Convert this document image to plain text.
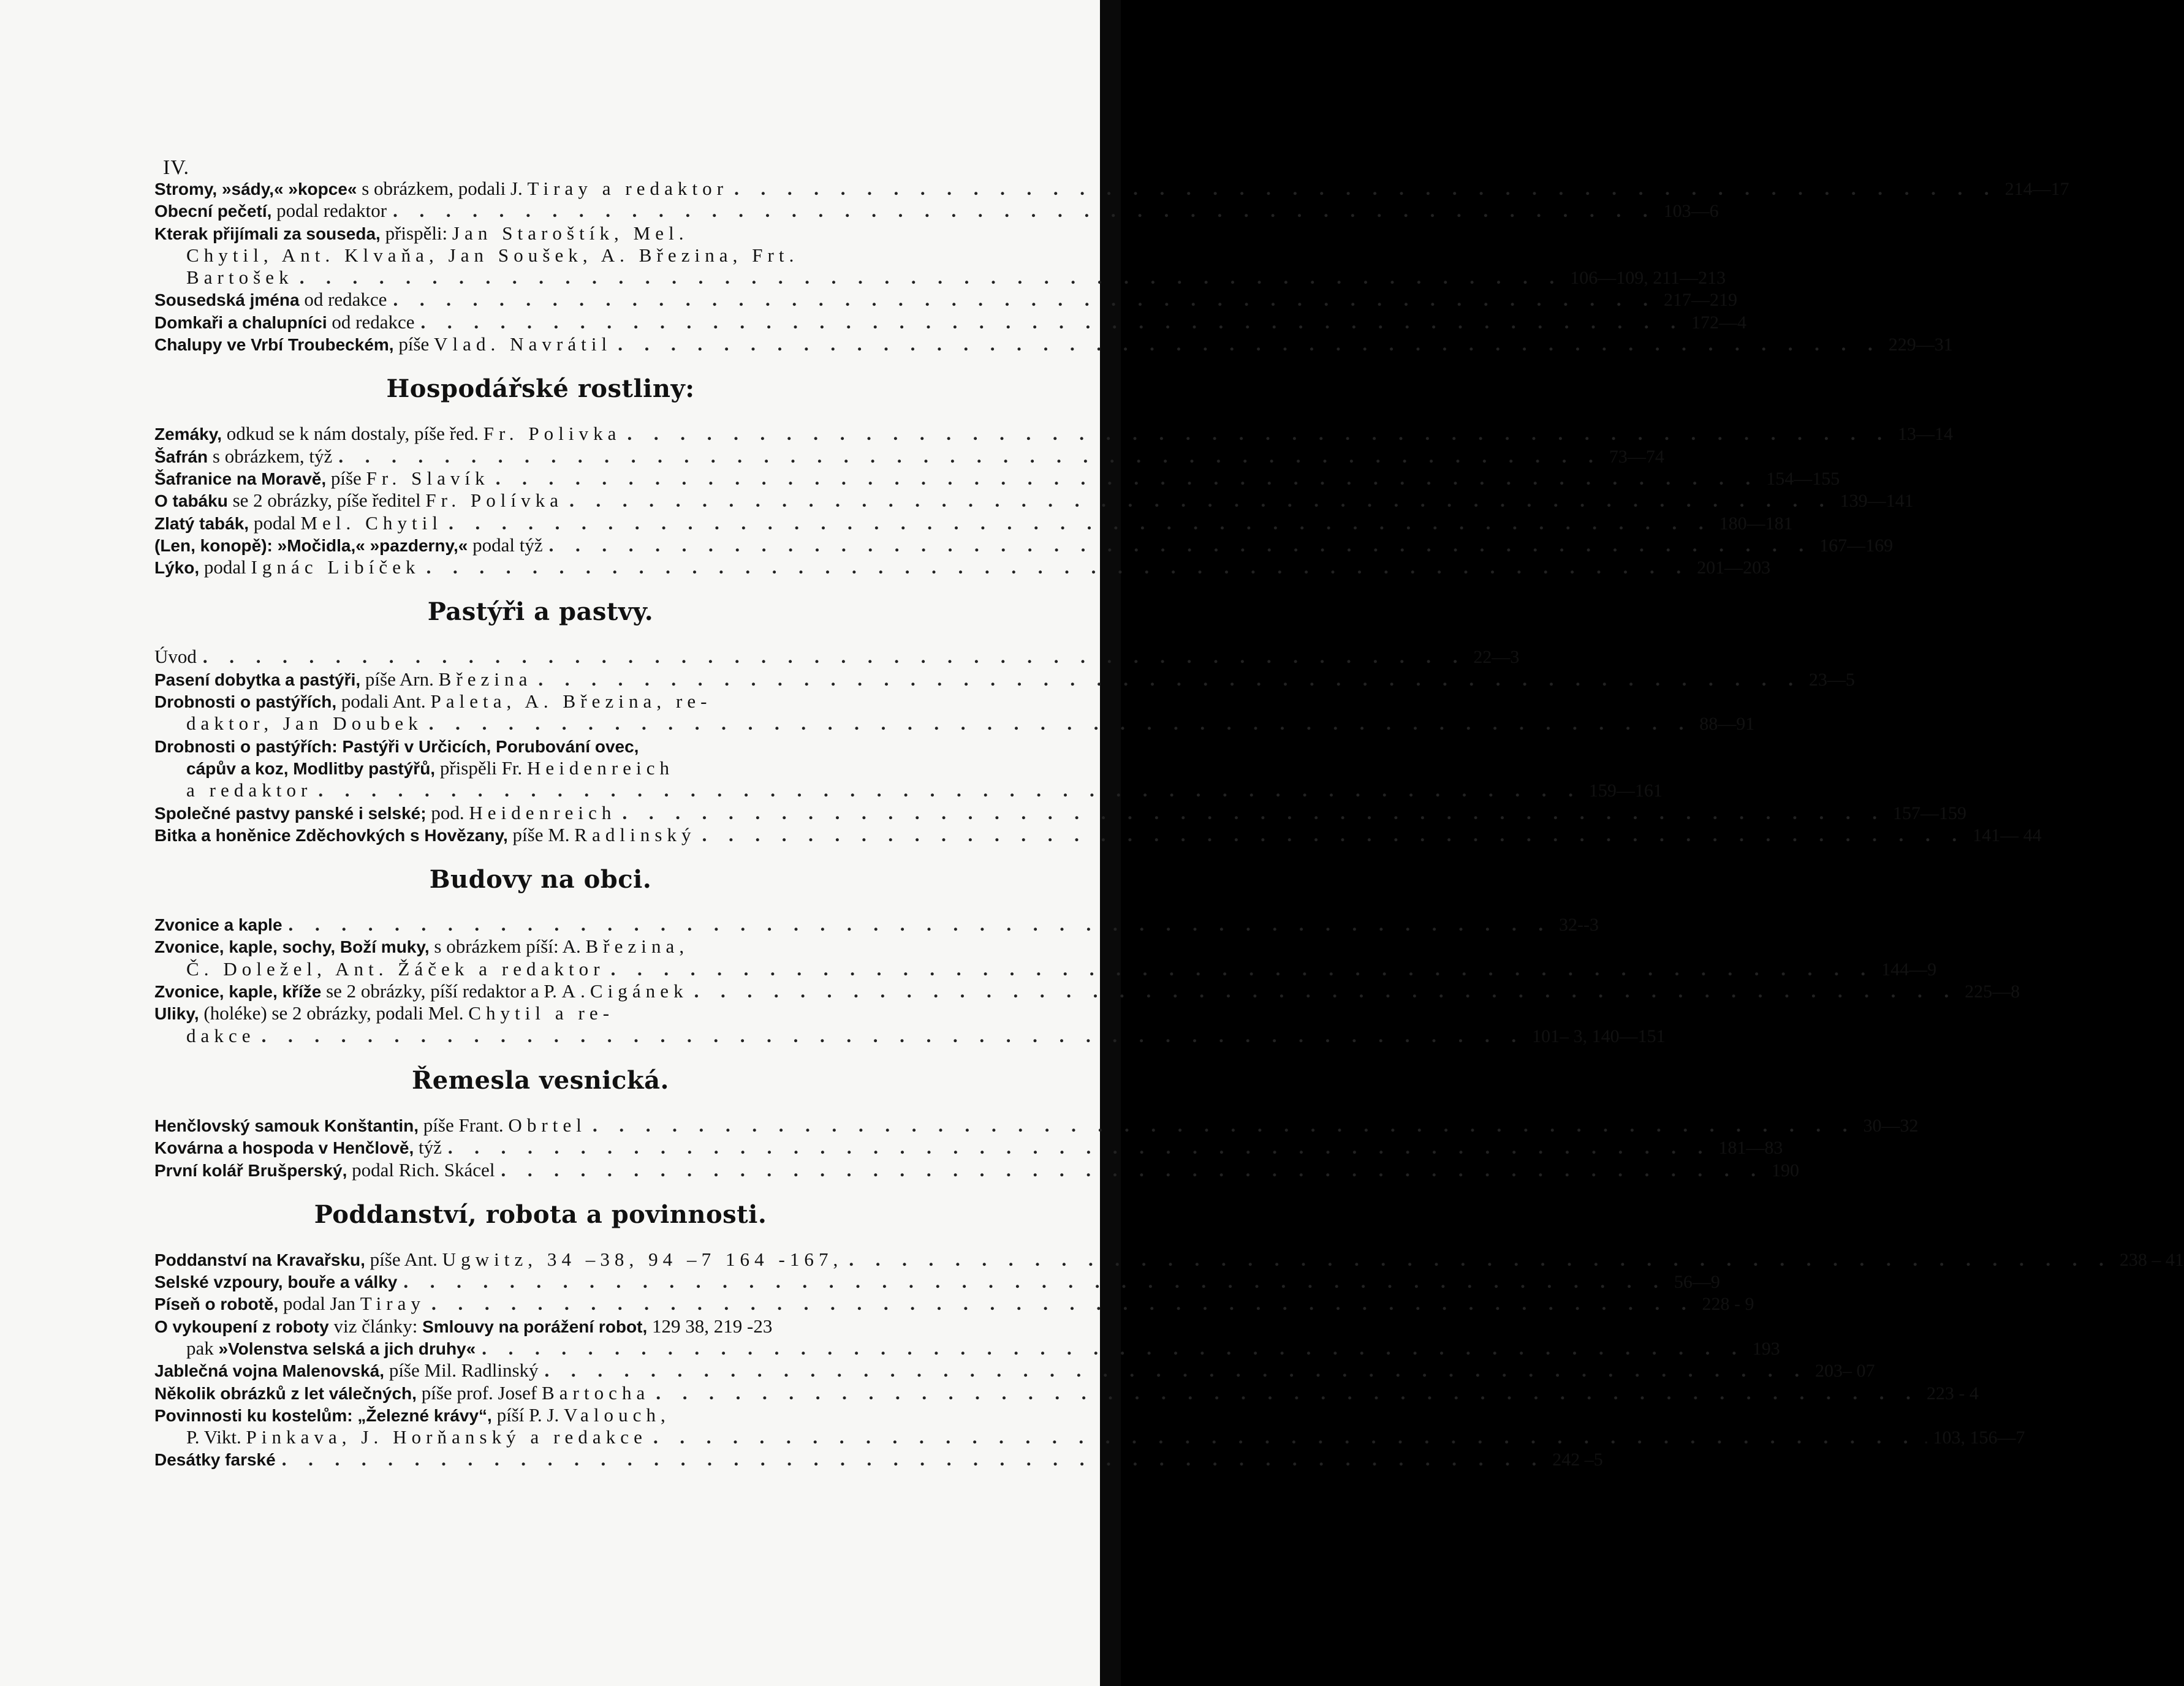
IV.
Stromy, »sády,« »kopce« s obrázkem, podali J. Tiray a redaktor . . .	214—17
Obecní pečetí, podal redaktor . . .	103—6
Kterak přijímali za souseda, přispěli: Jan Staroštík, Mel.
Chytil, Ant. Klvaňa, Jan Soušek, A. Březina, Frt.
Bartošek . . .	106—109, 211—213
Sousedská jména od redakce . . .	217—219
Domkaři a chalupníci od redakce . . .	172—4
Chalupy ve Vrbí Troubeckém, píše Vlad. Navrátil . . .	229—31
Hospodářské rostliny:
Zemáky, odkud se k nám dostaly, píše řed. Fr. Polivka . . .	13—14
Šafrán s obrázkem, týž . . .	73—74
Šafranice na Moravě, píše Fr. Slavík . . .	154—155
O tabáku se 2 obrázky, píše ředitel Fr. Polívka . . .	139—141
Zlatý tabák, podal Mel. Chytil . . .	180—181
(Len, konopě): »Močidla,« »pazderny,« podal týž . . .	167—169
Lýko, podal Ignác Libíček . . .	201—203
Pastýři a pastvy.
Úvod . . .	22—3
Pasení dobytka a pastýři, píše Arn. Březina . . .	23—5
Drobnosti o pastýřích, podali Ant. Paleta, A. Březina, re-
daktor, Jan Doubek . . .	88—91
Drobnosti o pastýřích: Pastýři v Určicích, Porubování ovec,
cápův a koz, Modlitby pastýřů, přispěli Fr. Heidenreich
a redaktor . . .	159—161
Společné pastvy panské i selské; pod. Heidenreich . . .	157—159
Bitka a honěnice Zděchovkých s Hovězany, píše M. Radlinský . . .	141— 44
Budovy na obci.
Zvonice a kaple . . .	32--3
Zvonice, kaple, sochy, Boží muky, s obrázkem píší: A. Březina,
Č. Doležel, Ant. Žáček a redaktor . . .	144—9
Zvonice, kaple, kříže se 2 obrázky, píší redaktor a P. A.Cigánek . . .	225—8
Uliky, (holéke) se 2 obrázky, podali Mel. Chytil a re-
dakce . . .	101– 3, 140—151
Řemesla vesnická.
Henčlovský samouk Konštantin, píše Frant. Obrtel . . .	30—32
Kovárna a hospoda v Henčlově, týž . . .	181—83
První kolář Brušperský, podal Rich. Skácel . . .	190
Poddanství, robota a povinnosti.
Poddanství na Kravařsku, píše Ant. Ugwitz, 34 –38, 94 –7 164 -167, . . .	238 – 41
Selské vzpoury, bouře a války . . .	56—9
Píseň o robotě, podal Jan Tiray . . .	228 - 9
O vykoupení z roboty viz články: Smlouvy na porážení robot, 129 38, 219 -23
pak »Volenstva selská a jich druhy« . . .	193
Jablečná vojna Malenovská, píše Mil. Radlinský . . .	203– 07
Několik obrázků z let válečných, píše prof. Josef Bartocha . . .	223 - 4
Povinnosti ku kostelům: „Železné krávy“, píší P. J. Valouch,
P. Vikt. Pinkava, J. Horňanský a redakce . . .	. 103, 156—7
Desátky farské . . .	242 –5
